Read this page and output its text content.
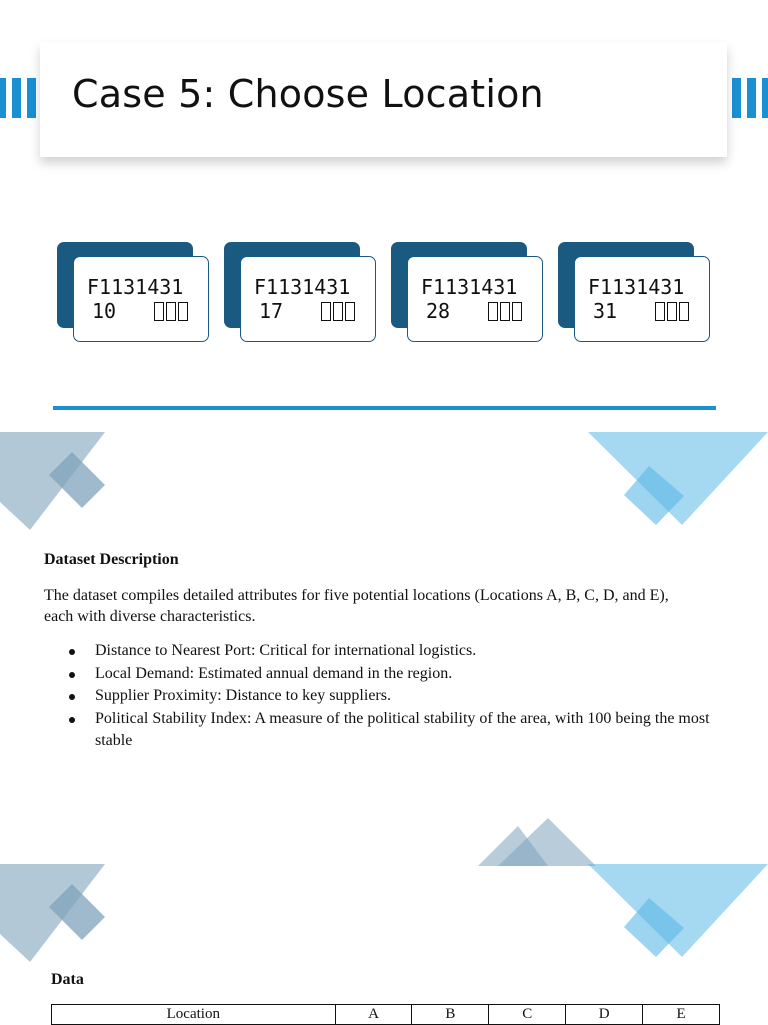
Case 5: Choose Location
F1131431
10
F1131431
17
F1131431
28
F1131431
31
Dataset Description

The dataset compiles detailed attributes for five potential locations (Locations A, B, C, D, and E),

each with diverse characteristics.

Distance to Nearest Port: Critical for international logistics.
Local Demand: Estimated annual demand in the region.
Supplier Proximity: Distance to key suppliers.
Political Stability Index: A measure of the political stability of the area, with 100 being the most stable
Data
Location	A	B	C	D	E
